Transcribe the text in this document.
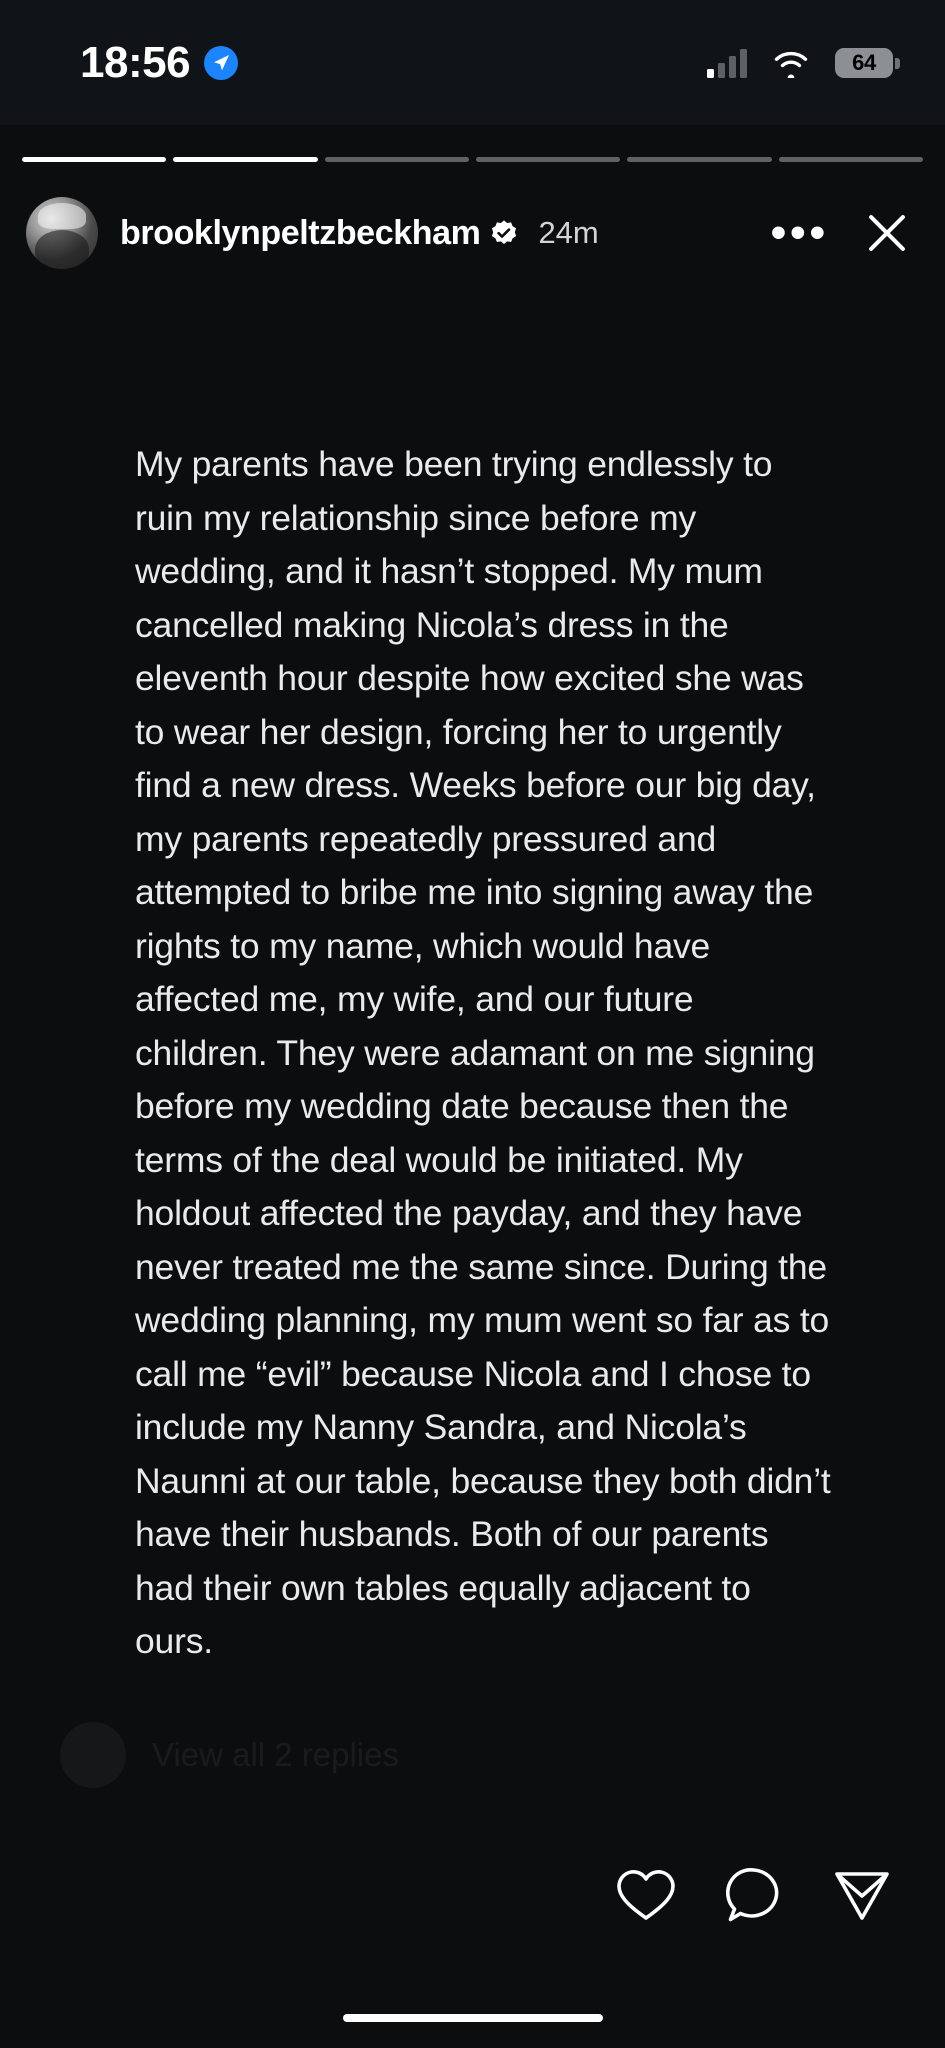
18:56	64
brooklynpeltzbeckham 24m	•••
My parents have been trying endlessly to ruin my relationship since before my wedding, and it hasn’t stopped. My mum cancelled making Nicola’s dress in the eleventh hour despite how excited she was to wear her design, forcing her to urgently find a new dress. Weeks before our big day, my parents repeatedly pressured and attempted to bribe me into signing away the rights to my name, which would have affected me, my wife, and our future children. They were adamant on me signing before my wedding date because then the terms of the deal would be initiated. My holdout affected the payday, and they have never treated me the same since. During the wedding planning, my mum went so far as to call me “evil” because Nicola and I chose to include my Nanny Sandra, and Nicola’s Naunni at our table, because they both didn’t have their husbands. Both of our parents had their own tables equally adjacent to ours.
View all 2 replies
